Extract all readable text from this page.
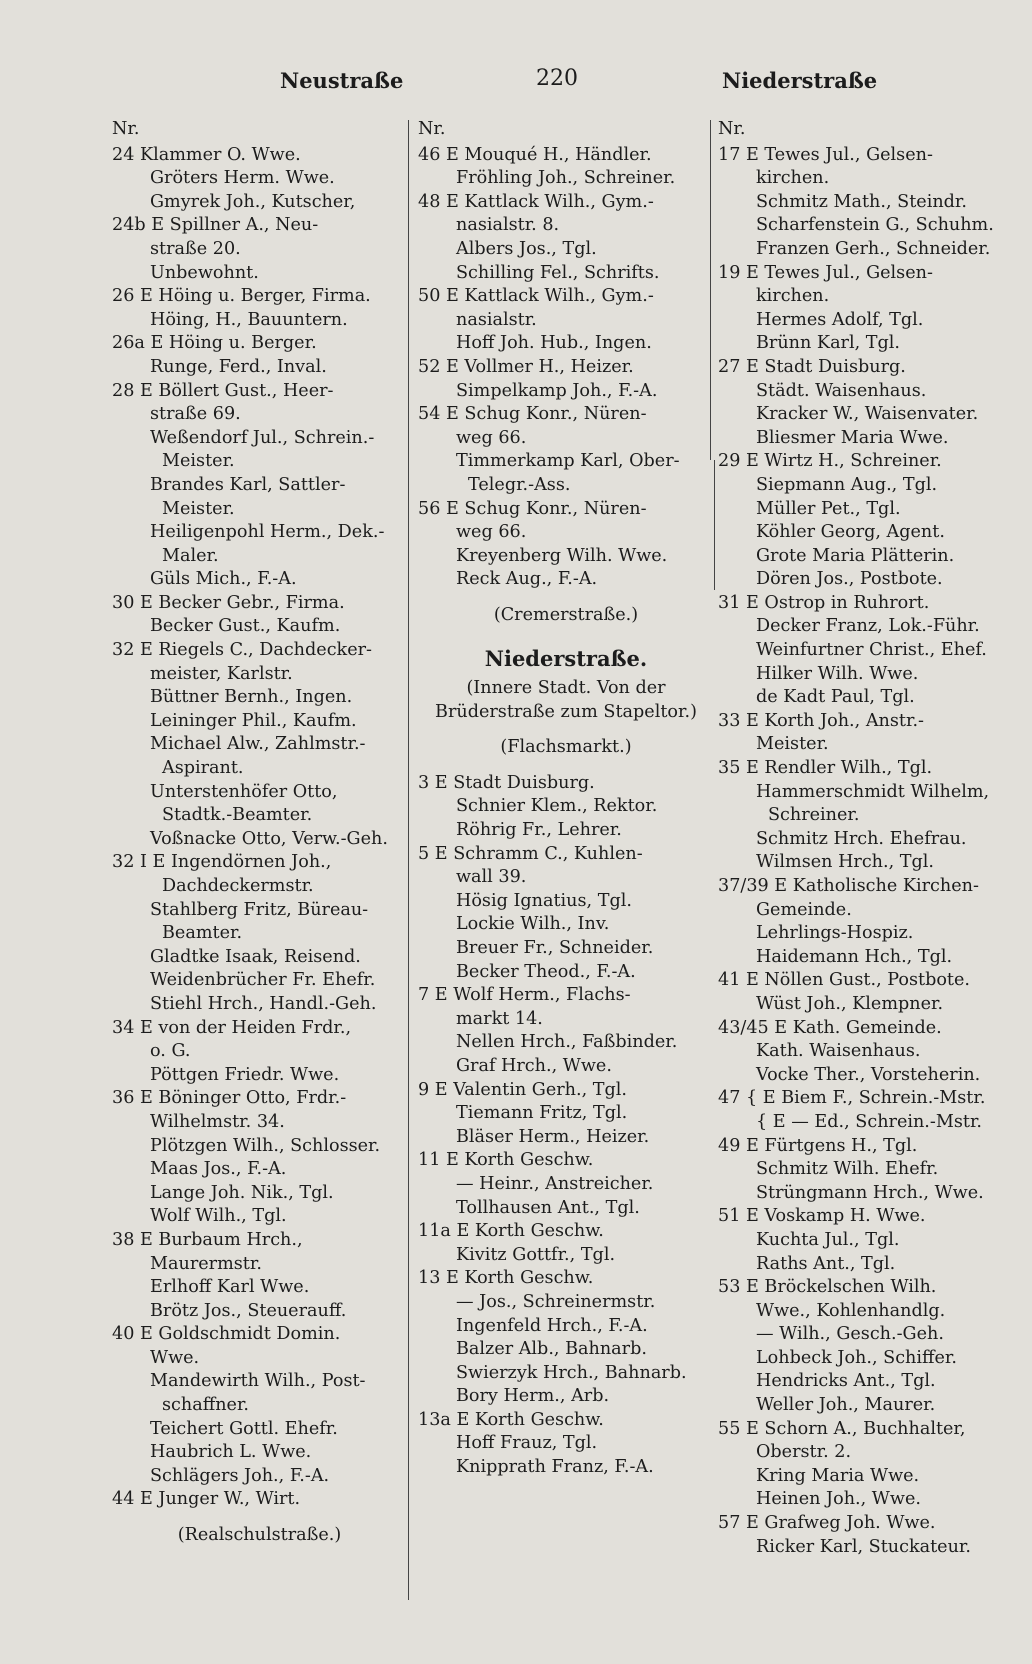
Neustraße	220	Niederstraße
Nr.
24 Klammer O. Wwe.
Gröters Herm. Wwe.
Gmyrek Joh., Kutscher,
24b E Spillner A., Neu-
straße 20.
Unbewohnt.
26 E Höing u. Berger, Firma.
Höing, H., Bauuntern.
26a E Höing u. Berger.
Runge, Ferd., Inval.
28 E Böllert Gust., Heer-
straße 69.
Weßendorf Jul., Schrein.-
Meister.
Brandes Karl, Sattler-
Meister.
Heiligenpohl Herm., Dek.-
Maler.
Güls Mich., F.-A.
30 E Becker Gebr., Firma.
Becker Gust., Kaufm.
32 E Riegels C., Dachdecker-
meister, Karlstr.
Büttner Bernh., Ingen.
Leininger Phil., Kaufm.
Michael Alw., Zahlmstr.-
Aspirant.
Unterstenhöfer Otto,
Stadtk.-Beamter.
Voßnacke Otto, Verw.-Geh.
32 I E Ingendörnen Joh.,
Dachdeckermstr.
Stahlberg Fritz, Büreau-
Beamter.
Gladtke Isaak, Reisend.
Weidenbrücher Fr. Ehefr.
Stiehl Hrch., Handl.-Geh.
34 E von der Heiden Frdr.,
o. G.
Pöttgen Friedr. Wwe.
36 E Böninger Otto, Frdr.-
Wilhelmstr. 34.
Plötzgen Wilh., Schlosser.
Maas Jos., F.-A.
Lange Joh. Nik., Tgl.
Wolf Wilh., Tgl.
38 E Burbaum Hrch.,
Maurermstr.
Erlhoff Karl Wwe.
Brötz Jos., Steuerauff.
40 E Goldschmidt Domin.
Wwe.
Mandewirth Wilh., Post-
schaffner.
Teichert Gottl. Ehefr.
Haubrich L. Wwe.
Schlägers Joh., F.-A.
44 E Junger W., Wirt.
(Realschulstraße.)
Nr.
46 E Mouqué H., Händler.
Fröhling Joh., Schreiner.
48 E Kattlack Wilh., Gym.-
nasialstr. 8.
Albers Jos., Tgl.
Schilling Fel., Schrifts.
50 E Kattlack Wilh., Gym.-
nasialstr.
Hoff Joh. Hub., Ingen.
52 E Vollmer H., Heizer.
Simpelkamp Joh., F.-A.
54 E Schug Konr., Nüren-
weg 66.
Timmerkamp Karl, Ober-
Telegr.-Ass.
56 E Schug Konr., Nüren-
weg 66.
Kreyenberg Wilh. Wwe.
Reck Aug., F.-A.
(Cremerstraße.)
Niederstraße.
(Innere Stadt. Von der
Brüderstraße zum Stapeltor.)
(Flachsmarkt.)
3 E Stadt Duisburg.
Schnier Klem., Rektor.
Röhrig Fr., Lehrer.
5 E Schramm C., Kuhlen-
wall 39.
Hösig Ignatius, Tgl.
Lockie Wilh., Inv.
Breuer Fr., Schneider.
Becker Theod., F.-A.
7 E Wolf Herm., Flachs-
markt 14.
Nellen Hrch., Faßbinder.
Graf Hrch., Wwe.
9 E Valentin Gerh., Tgl.
Tiemann Fritz, Tgl.
Bläser Herm., Heizer.
11 E Korth Geschw.
— Heinr., Anstreicher.
Tollhausen Ant., Tgl.
11a E Korth Geschw.
Kivitz Gottfr., Tgl.
13 E Korth Geschw.
— Jos., Schreinermstr.
Ingenfeld Hrch., F.-A.
Balzer Alb., Bahnarb.
Swierzyk Hrch., Bahnarb.
Bory Herm., Arb.
13a E Korth Geschw.
Hoff Frauz, Tgl.
Knipprath Franz, F.-A.
Nr.
17 E Tewes Jul., Gelsen-
kirchen.
Schmitz Math., Steindr.
Scharfenstein G., Schuhm.
Franzen Gerh., Schneider.
19 E Tewes Jul., Gelsen-
kirchen.
Hermes Adolf, Tgl.
Brünn Karl, Tgl.
27 E Stadt Duisburg.
Städt. Waisenhaus.
Kracker W., Waisenvater.
Bliesmer Maria Wwe.
29 E Wirtz H., Schreiner.
Siepmann Aug., Tgl.
Müller Pet., Tgl.
Köhler Georg, Agent.
Grote Maria Plätterin.
Dören Jos., Postbote.
31 E Ostrop in Ruhrort.
Decker Franz, Lok.-Führ.
Weinfurtner Christ., Ehef.
Hilker Wilh. Wwe.
de Kadt Paul, Tgl.
33 E Korth Joh., Anstr.-
Meister.
35 E Rendler Wilh., Tgl.
Hammerschmidt Wilhelm,
Schreiner.
Schmitz Hrch. Ehefrau.
Wilmsen Hrch., Tgl.
37/39 E Katholische Kirchen-
Gemeinde.
Lehrlings-Hospiz.
Haidemann Hch., Tgl.
41 E Nöllen Gust., Postbote.
Wüst Joh., Klempner.
43/45 E Kath. Gemeinde.
Kath. Waisenhaus.
Vocke Ther., Vorsteherin.
47 { E Biem F., Schrein.-Mstr.
{ E — Ed., Schrein.-Mstr.
49 E Fürtgens H., Tgl.
Schmitz Wilh. Ehefr.
Strüngmann Hrch., Wwe.
51 E Voskamp H. Wwe.
Kuchta Jul., Tgl.
Raths Ant., Tgl.
53 E Bröckelschen Wilh.
Wwe., Kohlenhandlg.
— Wilh., Gesch.-Geh.
Lohbeck Joh., Schiffer.
Hendricks Ant., Tgl.
Weller Joh., Maurer.
55 E Schorn A., Buchhalter,
Oberstr. 2.
Kring Maria Wwe.
Heinen Joh., Wwe.
57 E Grafweg Joh. Wwe.
Ricker Karl, Stuckateur.
